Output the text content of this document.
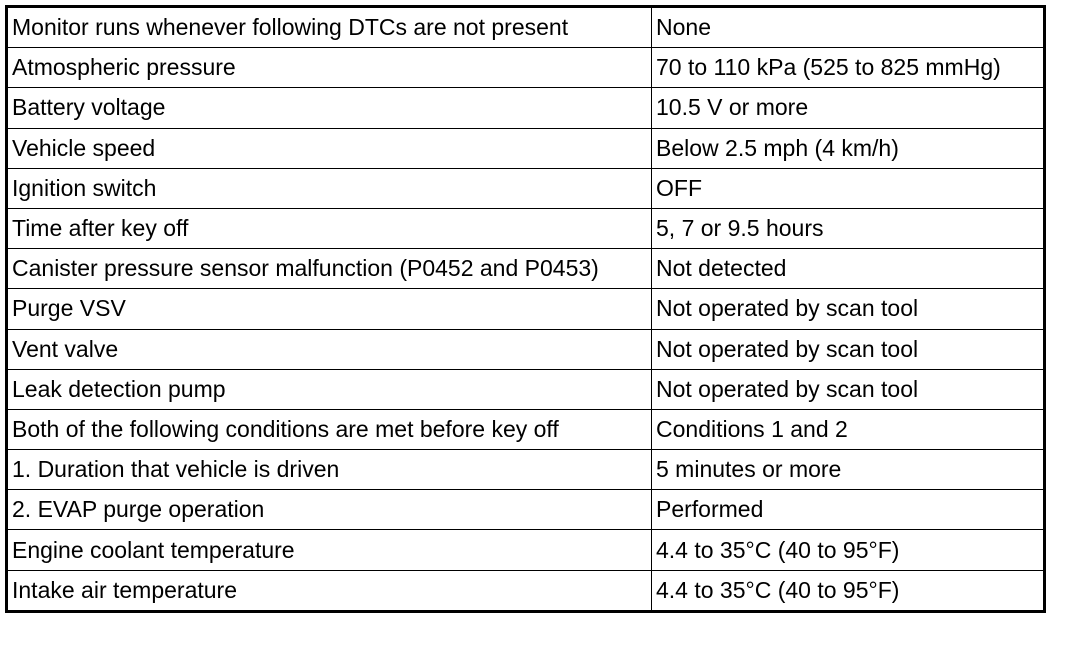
Monitor runs whenever following DTCs are not present	None
Atmospheric pressure	70 to 110 kPa (525 to 825 mmHg)
Battery voltage	10.5 V or more
Vehicle speed	Below 2.5 mph (4 km/h)
Ignition switch	OFF
Time after key off	5, 7 or 9.5 hours
Canister pressure sensor malfunction (P0452 and P0453)	Not detected
Purge VSV	Not operated by scan tool
Vent valve	Not operated by scan tool
Leak detection pump	Not operated by scan tool
Both of the following conditions are met before key off	Conditions 1 and 2
1. Duration that vehicle is driven	5 minutes or more
2. EVAP purge operation	Performed
Engine coolant temperature	4.4 to 35°C (40 to 95°F)
Intake air temperature	4.4 to 35°C (40 to 95°F)
